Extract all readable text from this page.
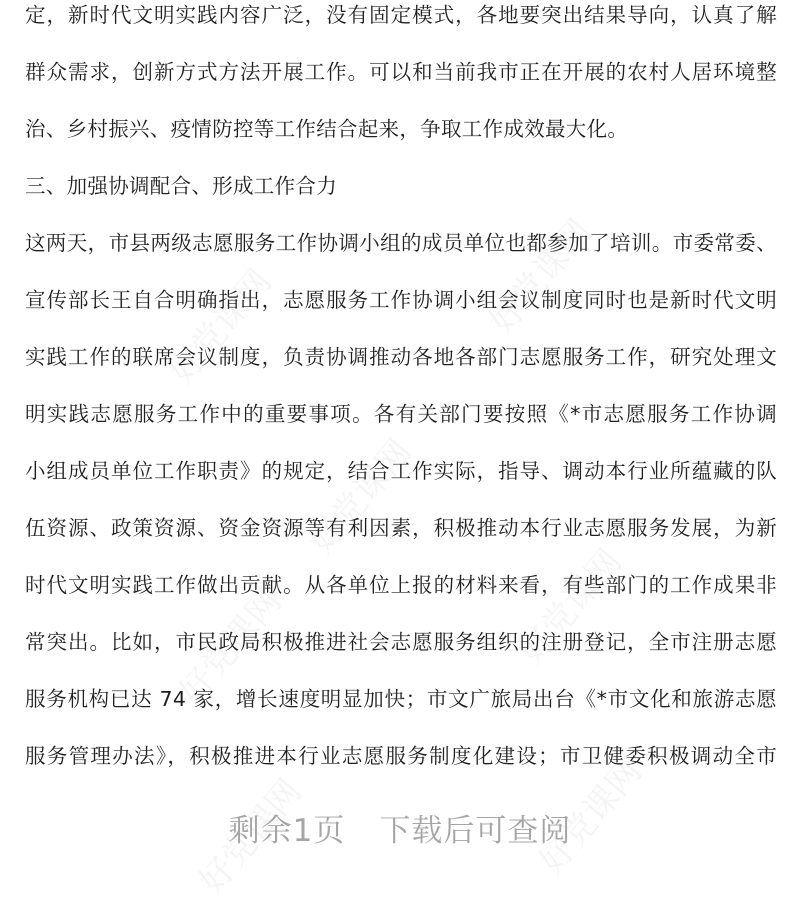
定，新时代文明实践内容广泛，没有固定模式，各地要突出结果导向，认真了解
群众需求，创新方式方法开展工作。可以和当前我市正在开展的农村人居环境整
治、乡村振兴、疫情防控等工作结合起来，争取工作成效最大化。
三、加强协调配合、形成工作合力
这两天，市县两级志愿服务工作协调小组的成员单位也都参加了培训。市委常委、
宣传部长王自合明确指出，志愿服务工作协调小组会议制度同时也是新时代文明
实践工作的联席会议制度，负责协调推动各地各部门志愿服务工作，研究处理文
明实践志愿服务工作中的重要事项。各有关部门要按照《*市志愿服务工作协调
小组成员单位工作职责》的规定，结合工作实际，指导、调动本行业所蕴藏的队
伍资源、政策资源、资金资源等有利因素，积极推动本行业志愿服务发展，为新
时代文明实践工作做出贡献。从各单位上报的材料来看，有些部门的工作成果非
常突出。比如，市民政局积极推进社会志愿服务组织的注册登记，全市注册志愿
服务机构已达 74 家，增长速度明显加快；市文广旅局出台《*市文化和旅游志愿
服务管理办法》，积极推进本行业志愿服务制度化建设；市卫健委积极调动全市
剩余1页 下载后可查阅
